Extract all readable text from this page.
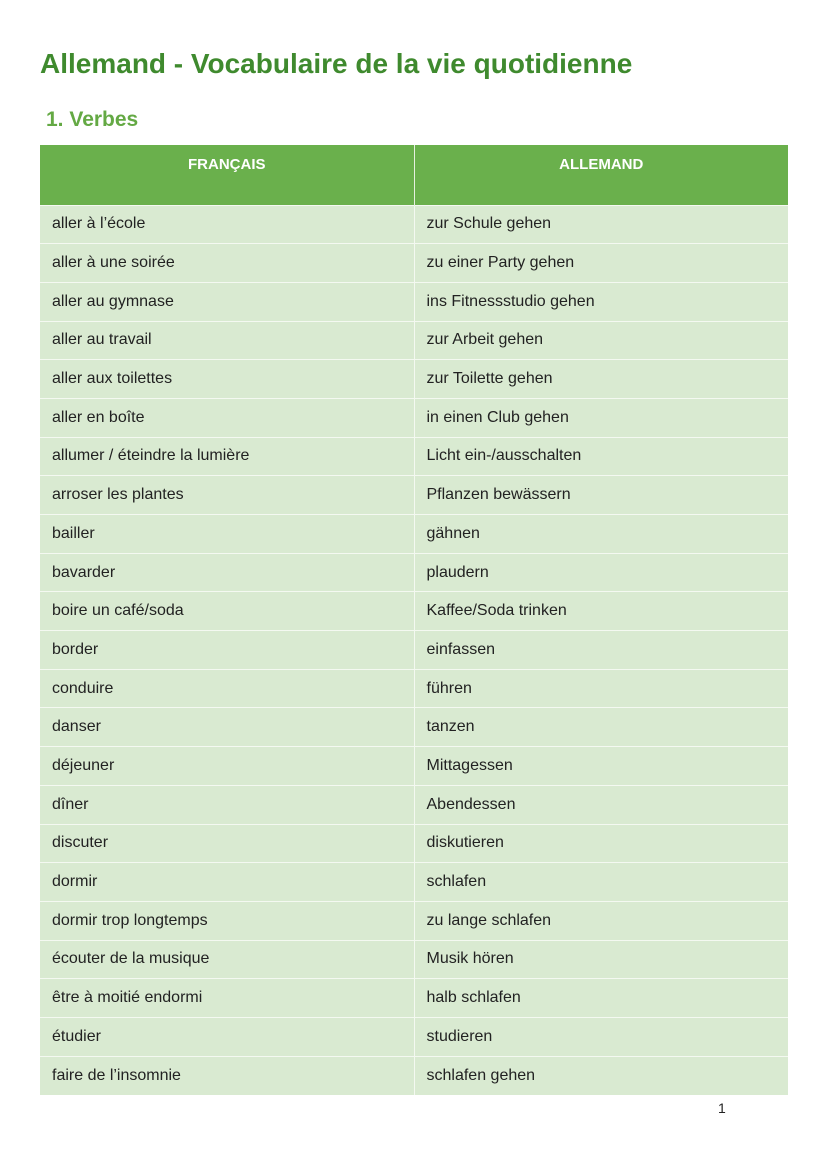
Allemand - Vocabulaire de la vie quotidienne
1. Verbes
FRANÇAIS	ALLEMAND
aller à l’école	zur Schule gehen
aller à une soirée	zu einer Party gehen
aller au gymnase	ins Fitnessstudio gehen
aller au travail	zur Arbeit gehen
aller aux toilettes	zur Toilette gehen
aller en boîte	in einen Club gehen
allumer / éteindre la lumière	Licht ein-/ausschalten
arroser les plantes	Pflanzen bewässern
bailler	gähnen
bavarder	plaudern
boire un café/soda	Kaffee/Soda trinken
border	einfassen
conduire	führen
danser	tanzen
déjeuner	Mittagessen
dîner	Abendessen
discuter	diskutieren
dormir	schlafen
dormir trop longtemps	zu lange schlafen
écouter de la musique	Musik hören
être à moitié endormi	halb schlafen
étudier	studieren
faire de l’insomnie	schlafen gehen
1
